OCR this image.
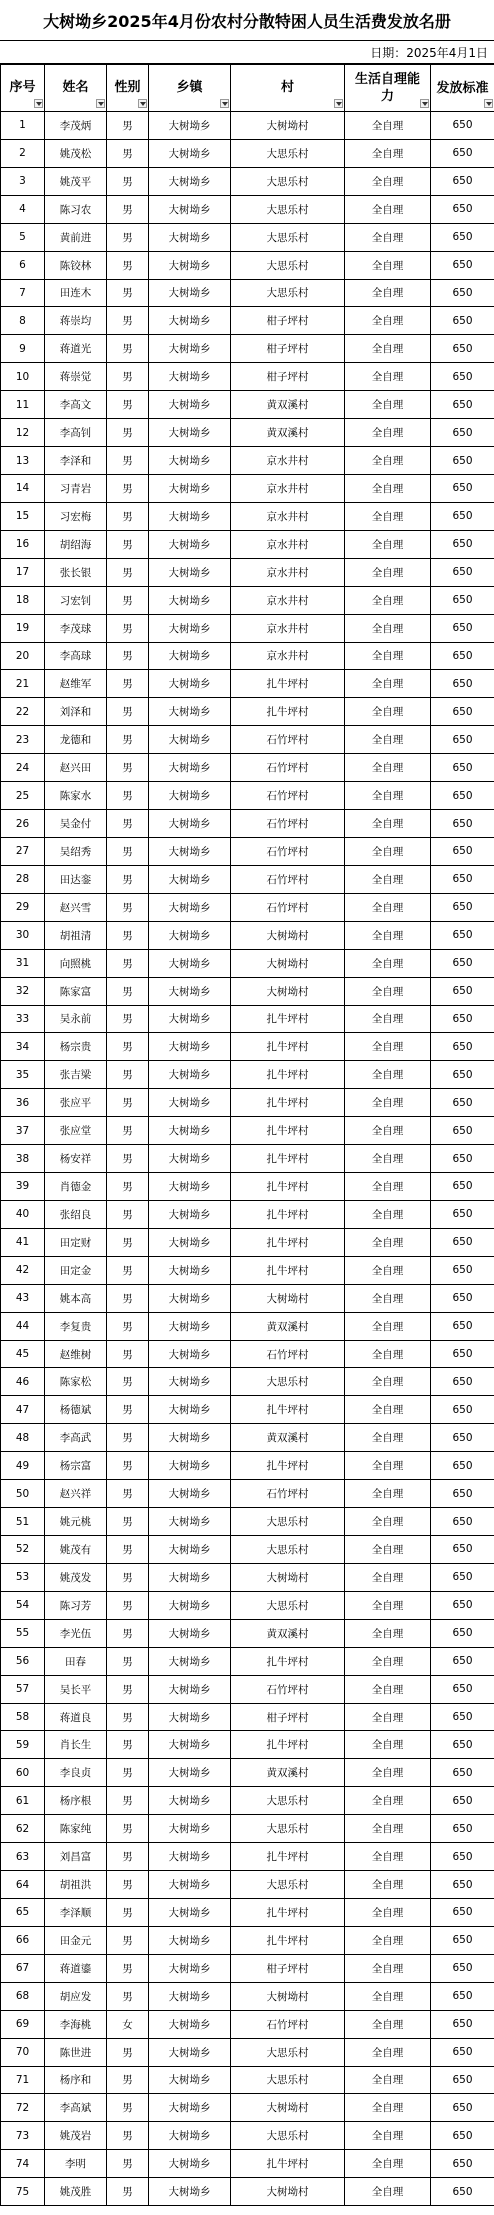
大树坳乡2025年4月份农村分散特困人员生活费发放名册
日期：2025年4月1日
序号	姓名	性别	乡镇	村	生活自理能力	发放标准

1	李茂炳	男	大树坳乡	大树坳村	全自理	650
2	姚茂松	男	大树坳乡	大思乐村	全自理	650
3	姚茂平	男	大树坳乡	大思乐村	全自理	650
4	陈习农	男	大树坳乡	大思乐村	全自理	650
5	黄前进	男	大树坳乡	大思乐村	全自理	650
6	陈铰林	男	大树坳乡	大思乐村	全自理	650
7	田连木	男	大树坳乡	大思乐村	全自理	650
8	蒋崇均	男	大树坳乡	柑子坪村	全自理	650
9	蒋道光	男	大树坳乡	柑子坪村	全自理	650
10	蒋崇觉	男	大树坳乡	柑子坪村	全自理	650
11	李高文	男	大树坳乡	黄双溪村	全自理	650
12	李高钊	男	大树坳乡	黄双溪村	全自理	650
13	李泽和	男	大树坳乡	京水井村	全自理	650
14	习青岩	男	大树坳乡	京水井村	全自理	650
15	习宏梅	男	大树坳乡	京水井村	全自理	650
16	胡绍海	男	大树坳乡	京水井村	全自理	650
17	张长银	男	大树坳乡	京水井村	全自理	650
18	习宏钊	男	大树坳乡	京水井村	全自理	650
19	李茂球	男	大树坳乡	京水井村	全自理	650
20	李高球	男	大树坳乡	京水井村	全自理	650
21	赵维军	男	大树坳乡	扎牛坪村	全自理	650
22	刘泽和	男	大树坳乡	扎牛坪村	全自理	650
23	龙德和	男	大树坳乡	石竹坪村	全自理	650
24	赵兴田	男	大树坳乡	石竹坪村	全自理	650
25	陈家水	男	大树坳乡	石竹坪村	全自理	650
26	吴金付	男	大树坳乡	石竹坪村	全自理	650
27	吴绍秀	男	大树坳乡	石竹坪村	全自理	650
28	田达銮	男	大树坳乡	石竹坪村	全自理	650
29	赵兴雪	男	大树坳乡	石竹坪村	全自理	650
30	胡祖清	男	大树坳乡	大树坳村	全自理	650
31	向照桃	男	大树坳乡	大树坳村	全自理	650
32	陈家富	男	大树坳乡	大树坳村	全自理	650
33	吴永前	男	大树坳乡	扎牛坪村	全自理	650
34	杨宗贵	男	大树坳乡	扎牛坪村	全自理	650
35	张吉梁	男	大树坳乡	扎牛坪村	全自理	650
36	张应平	男	大树坳乡	扎牛坪村	全自理	650
37	张应堂	男	大树坳乡	扎牛坪村	全自理	650
38	杨安祥	男	大树坳乡	扎牛坪村	全自理	650
39	肖德金	男	大树坳乡	扎牛坪村	全自理	650
40	张绍良	男	大树坳乡	扎牛坪村	全自理	650
41	田定财	男	大树坳乡	扎牛坪村	全自理	650
42	田定金	男	大树坳乡	扎牛坪村	全自理	650
43	姚本高	男	大树坳乡	大树坳村	全自理	650
44	李复贵	男	大树坳乡	黄双溪村	全自理	650
45	赵维树	男	大树坳乡	石竹坪村	全自理	650
46	陈家松	男	大树坳乡	大思乐村	全自理	650
47	杨德斌	男	大树坳乡	扎牛坪村	全自理	650
48	李高武	男	大树坳乡	黄双溪村	全自理	650
49	杨宗富	男	大树坳乡	扎牛坪村	全自理	650
50	赵兴祥	男	大树坳乡	石竹坪村	全自理	650
51	姚元桃	男	大树坳乡	大思乐村	全自理	650
52	姚茂有	男	大树坳乡	大思乐村	全自理	650
53	姚茂发	男	大树坳乡	大树坳村	全自理	650
54	陈习芳	男	大树坳乡	大思乐村	全自理	650
55	李光伍	男	大树坳乡	黄双溪村	全自理	650
56	田春	男	大树坳乡	扎牛坪村	全自理	650
57	吴长平	男	大树坳乡	石竹坪村	全自理	650
58	蒋道良	男	大树坳乡	柑子坪村	全自理	650
59	肖长生	男	大树坳乡	扎牛坪村	全自理	650
60	李良贞	男	大树坳乡	黄双溪村	全自理	650
61	杨序根	男	大树坳乡	大思乐村	全自理	650
62	陈家纯	男	大树坳乡	大思乐村	全自理	650
63	刘昌富	男	大树坳乡	扎牛坪村	全自理	650
64	胡祖洪	男	大树坳乡	大思乐村	全自理	650
65	李泽顺	男	大树坳乡	扎牛坪村	全自理	650
66	田金元	男	大树坳乡	扎牛坪村	全自理	650
67	蒋道鎏	男	大树坳乡	柑子坪村	全自理	650
68	胡应发	男	大树坳乡	大树坳村	全自理	650
69	李海桃	女	大树坳乡	石竹坪村	全自理	650
70	陈世进	男	大树坳乡	大思乐村	全自理	650
71	杨序和	男	大树坳乡	大思乐村	全自理	650
72	李高斌	男	大树坳乡	大树坳村	全自理	650
73	姚茂岩	男	大树坳乡	大思乐村	全自理	650
74	李明	男	大树坳乡	扎牛坪村	全自理	650
75	姚茂胜	男	大树坳乡	大树坳村	全自理	650
